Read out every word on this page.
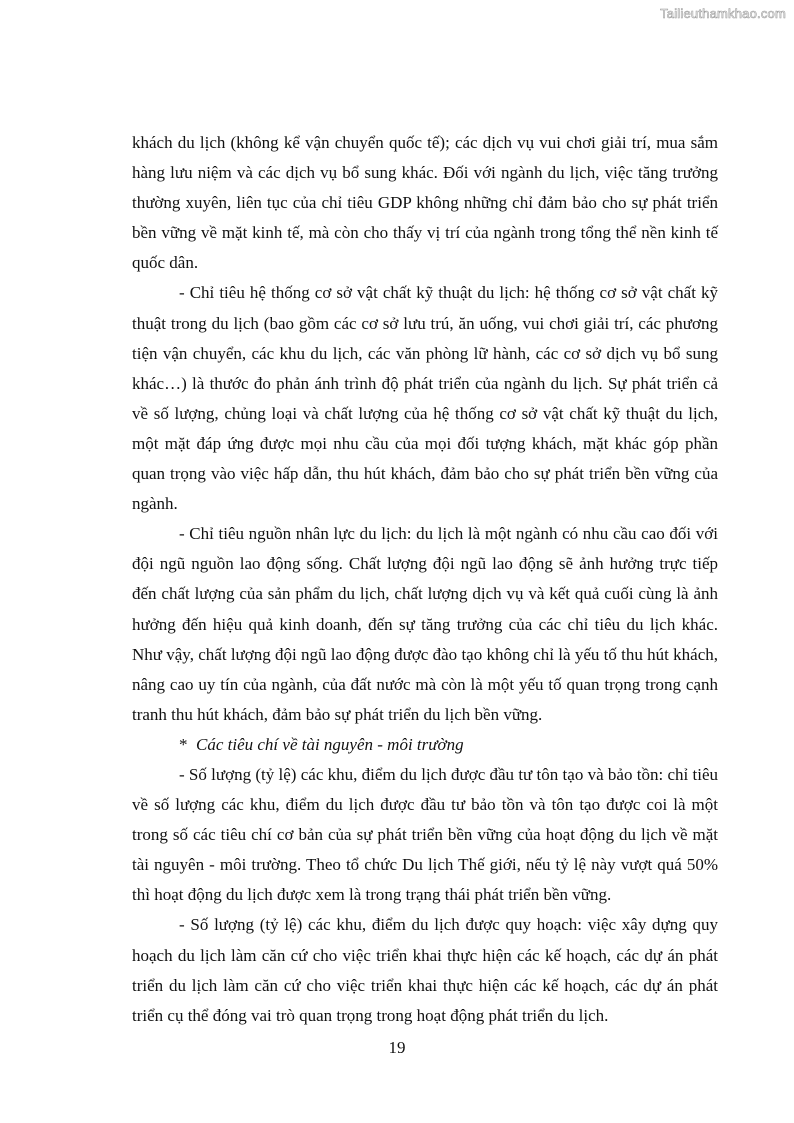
Tailieuthamkhao.com

khách du lịch (không kể vận chuyển quốc tế); các dịch vụ vui chơi giải trí, mua sắm hàng lưu niệm và các dịch vụ bổ sung khác. Đối với ngành du lịch, việc tăng trưởng thường xuyên, liên tục của chỉ tiêu GDP không những chỉ đảm bảo cho sự phát triển bền vững về mặt kinh tế, mà còn cho thấy vị trí của ngành trong tổng thể nền kinh tế quốc dân.

- Chỉ tiêu hệ thống cơ sở vật chất kỹ thuật du lịch: hệ thống cơ sở vật chất kỹ thuật trong du lịch (bao gồm các cơ sở lưu trú, ăn uống, vui chơi giải trí, các phương tiện vận chuyển, các khu du lịch, các văn phòng lữ hành, các cơ sở dịch vụ bổ sung khác…) là thước đo phản ánh trình độ phát triển của ngành du lịch. Sự phát triển cả về số lượng, chủng loại và chất lượng của hệ thống cơ sở vật chất kỹ thuật du lịch, một mặt đáp ứng được mọi nhu cầu của mọi đối tượng khách, mặt khác góp phần quan trọng vào việc hấp dẫn, thu hút khách, đảm bảo cho sự phát triển bền vững của ngành.

- Chỉ tiêu nguồn nhân lực du lịch: du lịch là một ngành có nhu cầu cao đối với đội ngũ nguồn lao động sống. Chất lượng đội ngũ lao động sẽ ảnh hưởng trực tiếp đến chất lượng của sản phẩm du lịch, chất lượng dịch vụ và kết quả cuối cùng là ảnh hưởng đến hiệu quả kinh doanh, đến sự tăng trưởng của các chỉ tiêu du lịch khác. Như vậy, chất lượng đội ngũ lao động được đào tạo không chỉ là yếu tố thu hút khách, nâng cao uy tín của ngành, của đất nước mà còn là một yếu tố quan trọng trong cạnh tranh thu hút khách, đảm bảo sự phát triển du lịch bền vững.

* Các tiêu chí về tài nguyên - môi trường

- Số lượng (tỷ lệ) các khu, điểm du lịch được đầu tư tôn tạo và bảo tồn: chỉ tiêu về số lượng các khu, điểm du lịch được đầu tư bảo tồn và tôn tạo được coi là một trong số các tiêu chí cơ bản của sự phát triển bền vững của hoạt động du lịch về mặt tài nguyên - môi trường. Theo tổ chức Du lịch Thế giới, nếu tỷ lệ này vượt quá 50% thì hoạt động du lịch được xem là trong trạng thái phát triển bền vững.

- Số lượng (tỷ lệ) các khu, điểm du lịch được quy hoạch: việc xây dựng quy hoạch du lịch làm căn cứ cho việc triển khai thực hiện các kế hoạch, các dự án phát triển du lịch làm căn cứ cho việc triển khai thực hiện các kế hoạch, các dự án phát triển cụ thể đóng vai trò quan trọng trong hoạt động phát triển du lịch.

19
